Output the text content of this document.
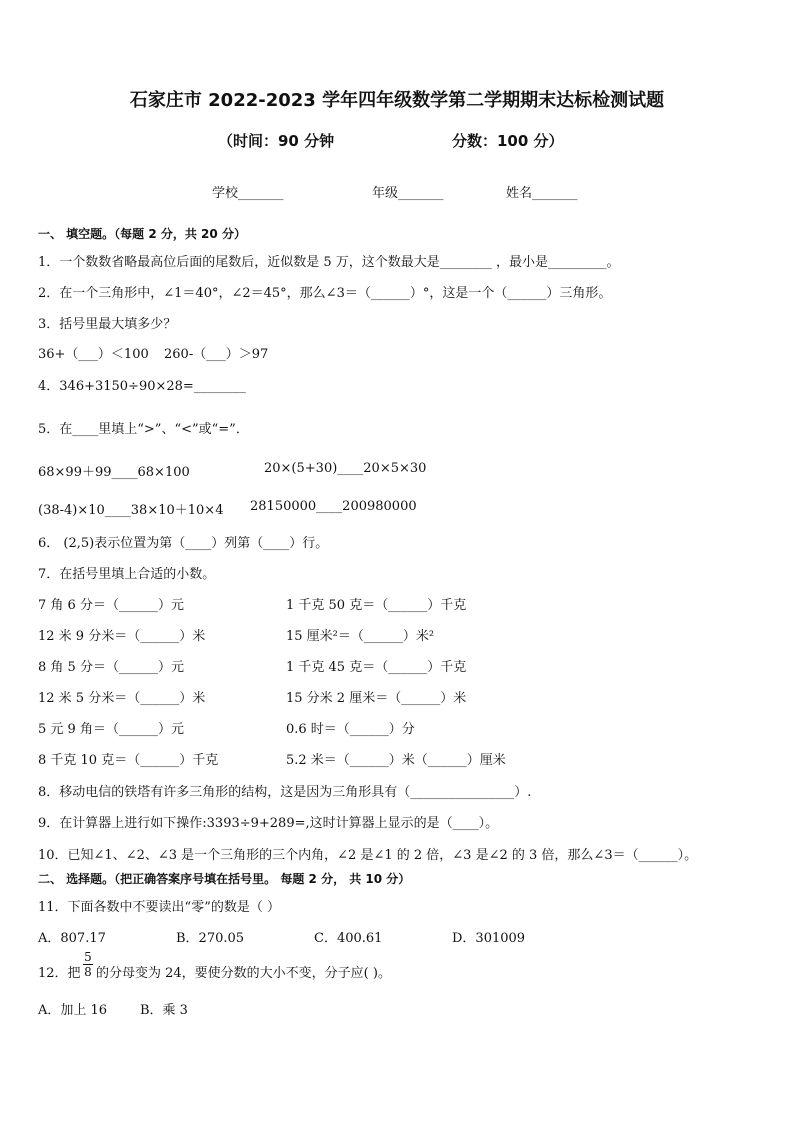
石家庄市 2022-2023 学年四年级数学第二学期期末达标检测试题
（时间：90 分钟	分数：100 分）
学校_______	年级_______	姓名_______
一、 填空题。（每题 2 分，共 20 分）
1．一个数数省略最高位后面的尾数后，近似数是 5 万，这个数最大是________ ，最小是_________。
2．在一个三角形中，∠1＝40°，∠2＝45°，那么∠3＝（______）°，这是一个（______）三角形。
3．括号里最大填多少？
36+（___）＜100 260-（___）＞97
4．346+3150÷90×28=________
5．在____里填上“>”、“<”或“=”．
68×99＋99____68×100	20×(5+30)____20×5×30
(38-4)×10____38×10＋10×4 28150000____200980000
6． (2,5)表示位置为第（____）列第（____）行。
7．在括号里填上合适的小数。
7 角 6 分＝（______）元	1 千克 50 克＝（______）千克
12 米 9 分米＝（______）米	15 厘米²＝（______）米²
8 角 5 分＝（______）元	1 千克 45 克＝（______）千克
12 米 5 分米＝（______）米	15 分米 2 厘米＝（______）米
5 元 9 角＝（______）元	0.6 时＝（______）分
8 千克 10 克＝（______）千克	5.2 米＝（______）米（______）厘米
8．移动电信的铁塔有许多三角形的结构，这是因为三角形具有（________________）.
9．在计算器上进行如下操作:3393÷9+289=,这时计算器上显示的是（____）。
10．已知∠1、∠2、∠3 是一个三角形的三个内角，∠2 是∠1 的 2 倍，∠3 是∠2 的 3 倍，那么∠3＝（______）。
二、 选择题。（把正确答案序号填在括号里。 每题 2 分， 共 10 分）
11．下面各数中不要读出“零”的数是（ ）
A．807.17	B．270.05	C．400.61	D．301009
12．把
5
8 的分母变为 24，要使分数的大小不变，分子应( )。
A．加上 16	B．乘 3
